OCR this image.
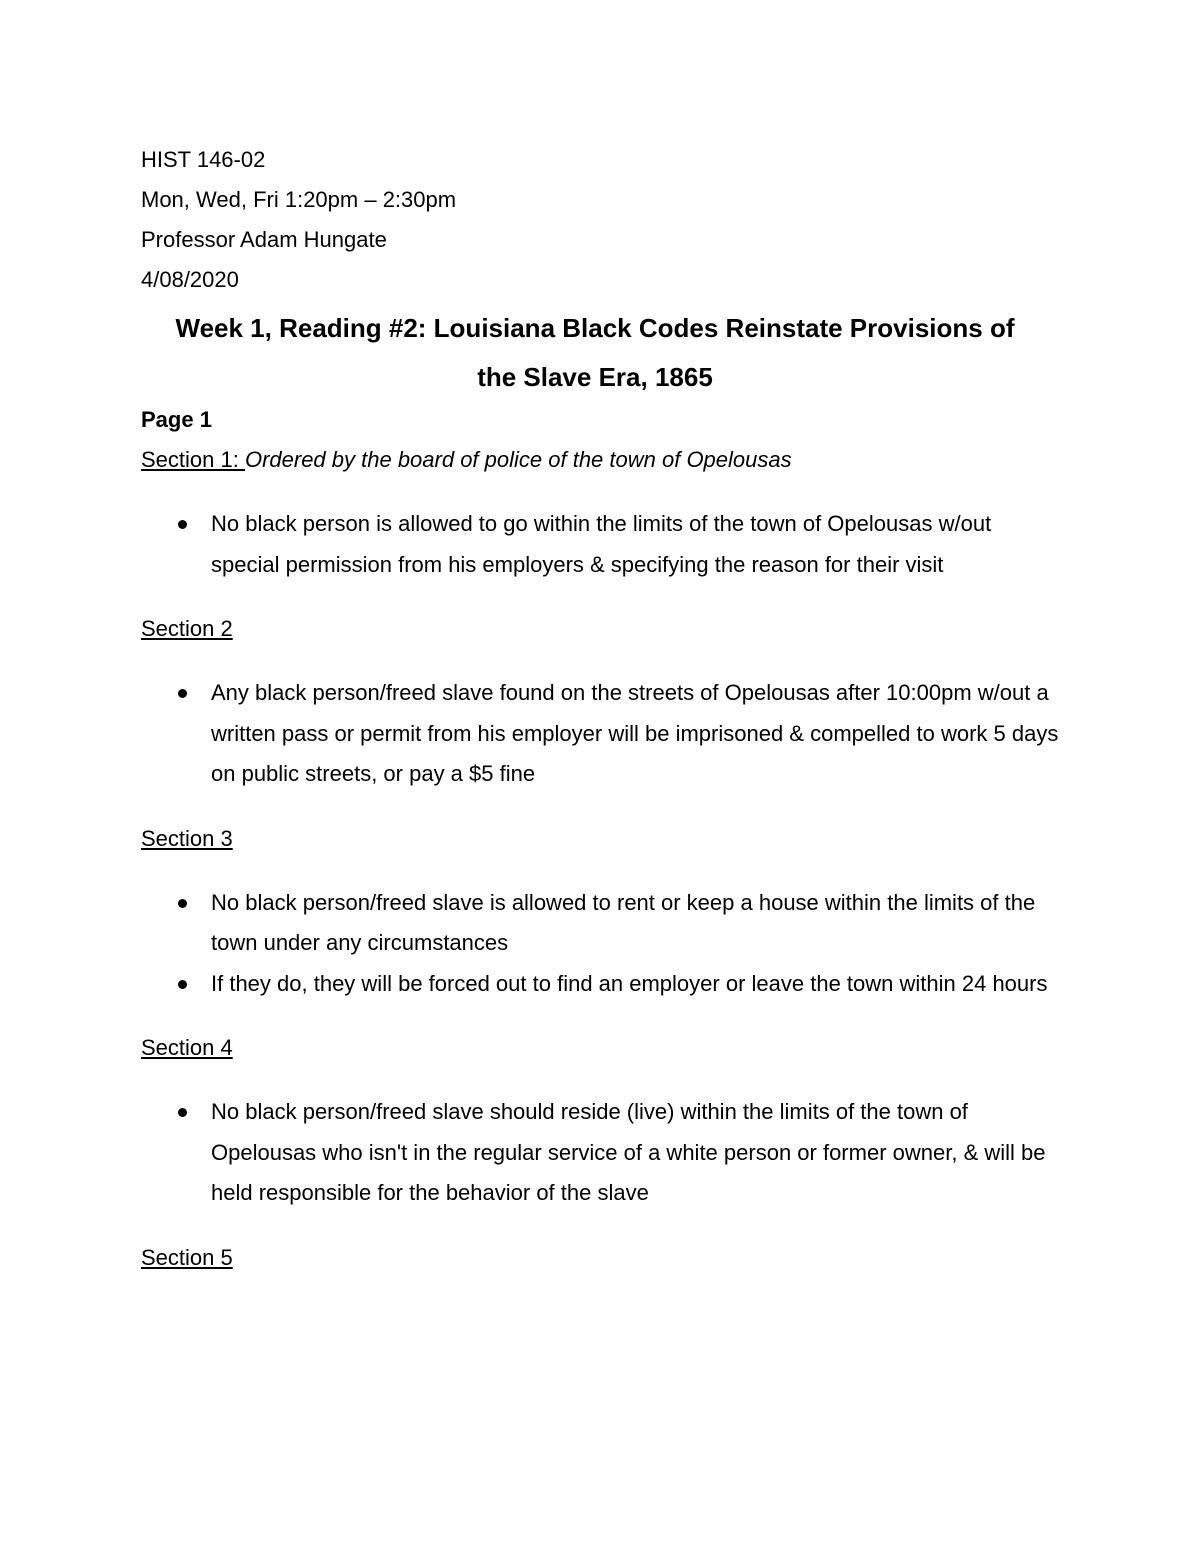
HIST 146-02
Mon, Wed, Fri 1:20pm – 2:30pm
Professor Adam Hungate
4/08/2020
Week 1, Reading #2: Louisiana Black Codes Reinstate Provisions of
the Slave Era, 1865
Page 1
Section 1: Ordered by the board of police of the town of Opelousas
No black person is allowed to go within the limits of the town of Opelousas w/out special permission from his employers & specifying the reason for their visit
Section 2
Any black person/freed slave found on the streets of Opelousas after 10:00pm w/out a written pass or permit from his employer will be imprisoned & compelled to work 5 days on public streets, or pay a $5 fine
Section 3
No black person/freed slave is allowed to rent or keep a house within the limits of the town under any circumstances
If they do, they will be forced out to find an employer or leave the town within 24 hours
Section 4
No black person/freed slave should reside (live) within the limits of the town of Opelousas who isn't in the regular service of a white person or former owner, & will be held responsible for the behavior of the slave
Section 5
